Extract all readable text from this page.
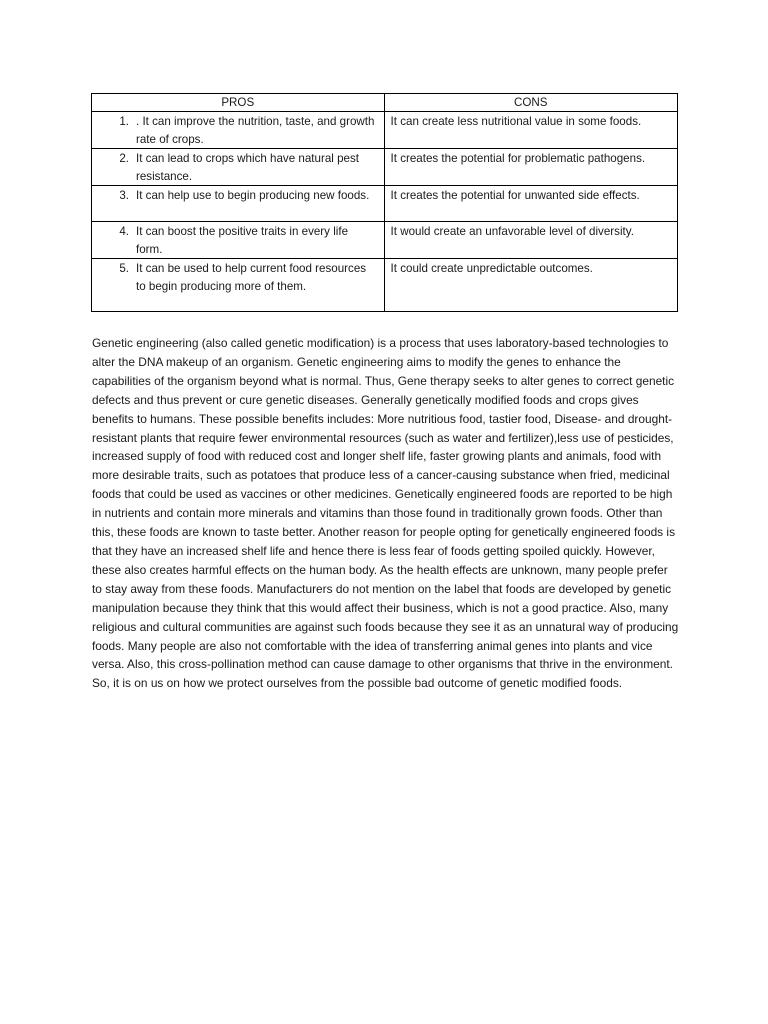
PROS	CONS

1. . It can improve the nutrition, taste, and growth rate of crops.	It can create less nutritional value in some foods.

2. It can lead to crops which have natural pest resistance.	It creates the potential for problematic pathogens.

3. It can help use to begin producing new foods.	It creates the potential for unwanted side effects.

4. It can boost the positive traits in every life form.	It would create an unfavorable level of diversity.

5. It can be used to help current food resources to begin producing more of them.	It could create unpredictable outcomes.

Genetic engineering (also called genetic modification) is a process that uses laboratory-based technologies to alter the DNA makeup of an organism. Genetic engineering aims to modify the genes to enhance the capabilities of the organism beyond what is normal. Thus, Gene therapy seeks to alter genes to correct genetic defects and thus prevent or cure genetic diseases. Generally genetically modified foods and crops gives benefits to humans. These possible benefits includes: More nutritious food, tastier food, Disease- and drought-resistant plants that require fewer environmental resources (such as water and fertilizer),less use of pesticides, increased supply of food with reduced cost and longer shelf life, faster growing plants and animals, food with more desirable traits, such as potatoes that produce less of a cancer-causing substance when fried, medicinal foods that could be used as vaccines or other medicines. Genetically engineered foods are reported to be high in nutrients and contain more minerals and vitamins than those found in traditionally grown foods. Other than this, these foods are known to taste better. Another reason for people opting for genetically engineered foods is that they have an increased shelf life and hence there is less fear of foods getting spoiled quickly. However, these also creates harmful effects on the human body. As the health effects are unknown, many people prefer to stay away from these foods. Manufacturers do not mention on the label that foods are developed by genetic manipulation because they think that this would affect their business, which is not a good practice. Also, many religious and cultural communities are against such foods because they see it as an unnatural way of producing foods. Many people are also not comfortable with the idea of transferring animal genes into plants and vice versa. Also, this cross-pollination method can cause damage to other organisms that thrive in the environment. So, it is on us on how we protect ourselves from the possible bad outcome of genetic modified foods.
